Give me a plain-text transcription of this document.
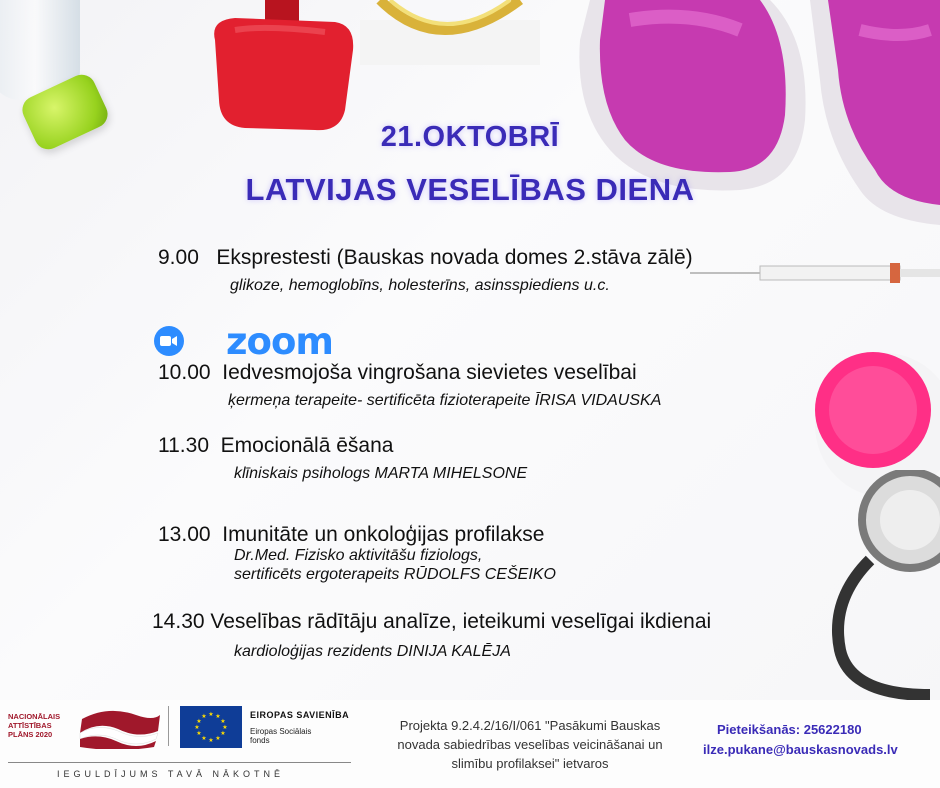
21.OKTOBRĪ
LATVIJAS VESELĪBAS DIENA
9.00 Eksprestesti (Bauskas novada domes 2.stāva zālē)
glikoze, hemoglobīns, holesterīns, asinsspiediens u.c.
zoom
10.00 Iedvesmojoša vingrošana sievietes veselībai
ķermeņa terapeite- sertificēta fizioterapeite ĪRISA VIDAUSKA
11.30 Emocionālā ēšana
klīniskais psihologs MARTA MIHELSONE
13.00 Imunitāte un onkoloģijas profilakse
Dr.Med. Fizisko aktivitāšu fiziologs,
sertificēts ergoterapeits RŪDOLFS CEŠEIKO
14.30 Veselības rādītāju analīze, ieteikumi veselīgai ikdienai
kardioloģijas rezidents DINIJA KALĒJA
NACIONĀLAIS
ATTĪSTĪBAS
PLĀNS 2020
★ ★
★
★
★
★
★
★
★
★
★
★	EIROPAS SAVIENĪBA
Eiropas Sociālais
fonds
IEGULDĪJUMS TAVĀ NĀKOTNĒ
Projekta 9.2.4.2/16/I/061 "Pasākumi Bauskas
novada sabiedrības veselības veicināšanai un
slimību profilaksei" ietvaros
Pieteikšanās: 25622180
ilze.pukane@bauskasnovads.lv
